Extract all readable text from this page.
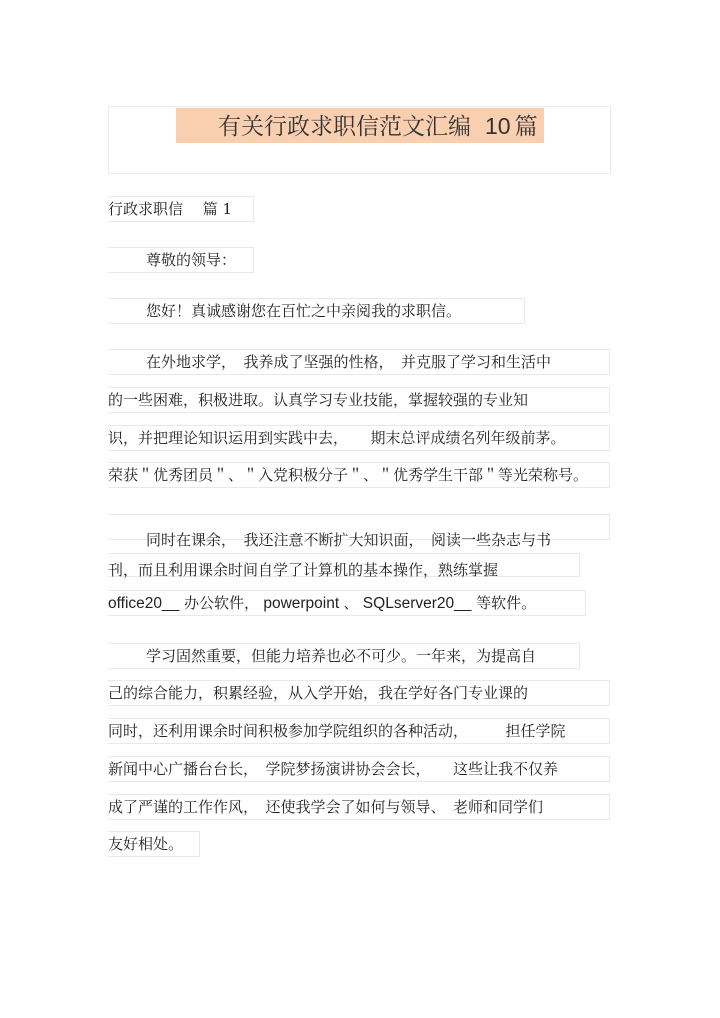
有关行政求职信范文汇编 10 篇
行政求职信　 篇 1
尊敬的领导：
您好！真诚感谢您在百忙之中亲阅我的求职信。
在外地求学，　我养成了坚强的性格，　并克服了学习和生活中
的一些困难，积极进取。认真学习专业技能，掌握较强的专业知
识，并把理论知识运用到实践中去，　　期末总评成绩名列年级前茅。
荣获＂优秀团员＂、＂入党积极分子＂、＂优秀学生干部＂等光荣称号。
同时在课余，　我还注意不断扩大知识面，　阅读一些杂志与书
刊，而且利用课余时间自学了计算机的基本操作，熟练掌握
office20__ 办公软件， powerpoint 、 SQLserver20__ 等软件。
学习固然重要，但能力培养也必不可少。一年来，为提高自
己的综合能力，积累经验，从入学开始，我在学好各门专业课的
同时，还利用课余时间积极参加学院组织的各种活动，　　　担任学院
新闻中心广播台台长，　学院梦扬演讲协会会长，　　这些让我不仅养
成了严谨的工作作风，　还使我学会了如何与领导、　老师和同学们
友好相处。
